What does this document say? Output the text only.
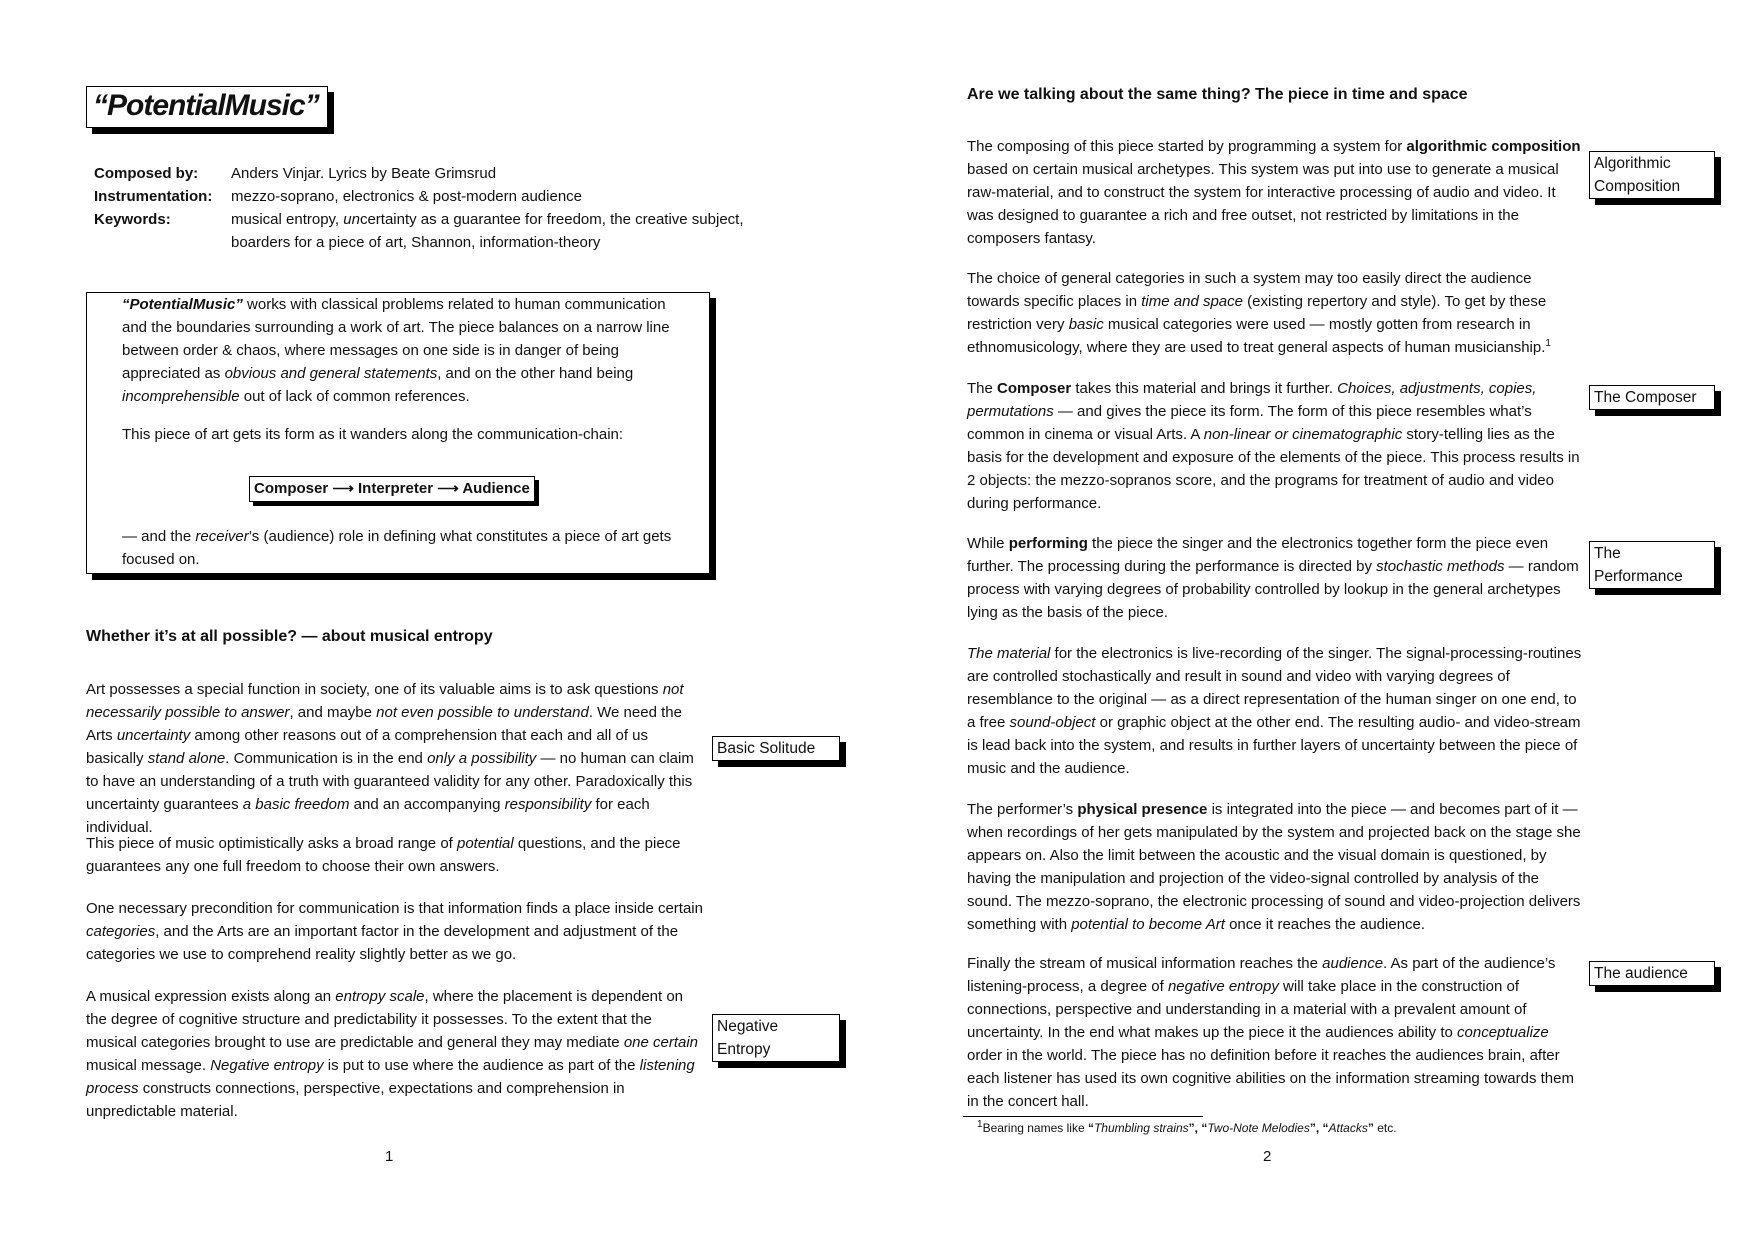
“PotentialMusic”
Composed by:	Anders Vinjar. Lyrics by Beate Grimsrud
Instrumentation:	mezzo-soprano, electronics & post-modern audience
Keywords:	musical entropy, uncertainty as a guarantee for freedom, the creative subject,
boarders for a piece of art, Shannon, information-theory

“PotentialMusic” works with classical problems related to human communication and the boundaries surrounding a work of art. The piece balances on a narrow line between order & chaos, where messages on one side is in danger of being appreciated as obvious and general statements, and on the other hand being incomprehensible out of lack of common references.

This piece of art gets its form as it wanders along the communication-chain:

Composer ⟶ Interpreter ⟶ Audience

— and the receiver’s (audience) role in defining what constitutes a piece of art gets focused on.

Whether it’s at all possible? — about musical entropy

Art possesses a special function in society, one of its valuable aims is to ask questions not necessarily possible to answer, and maybe not even possible to understand. We need the Arts uncertainty among other reasons out of a comprehension that each and all of us basically stand alone. Communication is in the end only a possibility — no human can claim to have an understanding of a truth with guaranteed validity for any other. Paradoxically this uncertainty guarantees a basic freedom and an accompanying responsibility for each individual.

Basic Solitude

This piece of music optimistically asks a broad range of potential questions, and the piece guarantees any one full freedom to choose their own answers.

One necessary precondition for communication is that information finds a place inside certain categories, and the Arts are an important factor in the development and adjustment of the categories we use to comprehend reality slightly better as we go.

A musical expression exists along an entropy scale, where the placement is dependent on the degree of cognitive structure and predictability it possesses. To the extent that the musical categories brought to use are predictable and general they may mediate one certain musical message. Negative entropy is put to use where the audience as part of the listening process constructs connections, perspective, expectations and comprehension in unpredictable material.

Negative
Entropy
1
Are we talking about the same thing? The piece in time and space

The composing of this piece started by programming a system for algorithmic composition based on certain musical archetypes. This system was put into use to generate a musical raw-material, and to construct the system for interactive processing of audio and video. It was designed to guarantee a rich and free outset, not restricted by limitations in the composers fantasy.

Algorithmic
Composition

The choice of general categories in such a system may too easily direct the audience towards specific places in time and space (existing repertory and style). To get by these restriction very basic musical categories were used — mostly gotten from research in ethnomusicology, where they are used to treat general aspects of human musicianship.$^1$

The Composer takes this material and brings it further. Choices, adjustments, copies, permutations — and gives the piece its form. The form of this piece resembles what’s common in cinema or visual Arts. A non-linear or cinematographic story-telling lies as the basis for the development and exposure of the elements of the piece. This process results in 2 objects: the mezzo-sopranos score, and the programs for treatment of audio and video during performance.

The Composer

While performing the piece the singer and the electronics together form the piece even further. The processing during the performance is directed by stochastic methods — random process with varying degrees of probability controlled by lookup in the general archetypes lying as the basis of the piece.

The
Performance

The material for the electronics is live-recording of the singer. The signal-processing-routines are controlled stochastically and result in sound and video with varying degrees of resemblance to the original — as a direct representation of the human singer on one end, to a free sound-object or graphic object at the other end. The resulting audio- and video-stream is lead back into the system, and results in further layers of uncertainty between the piece of music and the audience.

The performer’s physical presence is integrated into the piece — and becomes part of it — when recordings of her gets manipulated by the system and projected back on the stage she appears on. Also the limit between the acoustic and the visual domain is questioned, by having the manipulation and projection of the video-signal controlled by analysis of the sound. The mezzo-soprano, the electronic processing of sound and video-projection delivers something with potential to become Art once it reaches the audience.

Finally the stream of musical information reaches the audience. As part of the audience’s listening-process, a degree of negative entropy will take place in the construction of connections, perspective and understanding in a material with a prevalent amount of uncertainty. In the end what makes up the piece it the audiences ability to conceptualize order in the world. The piece has no definition before it reaches the audiences brain, after each listener has used its own cognitive abilities on the information streaming towards them in the concert hall.

The audience
$^1$Bearing names like “Thumbling strains”, “Two-Note Melodies”, “Attacks” etc.
2
